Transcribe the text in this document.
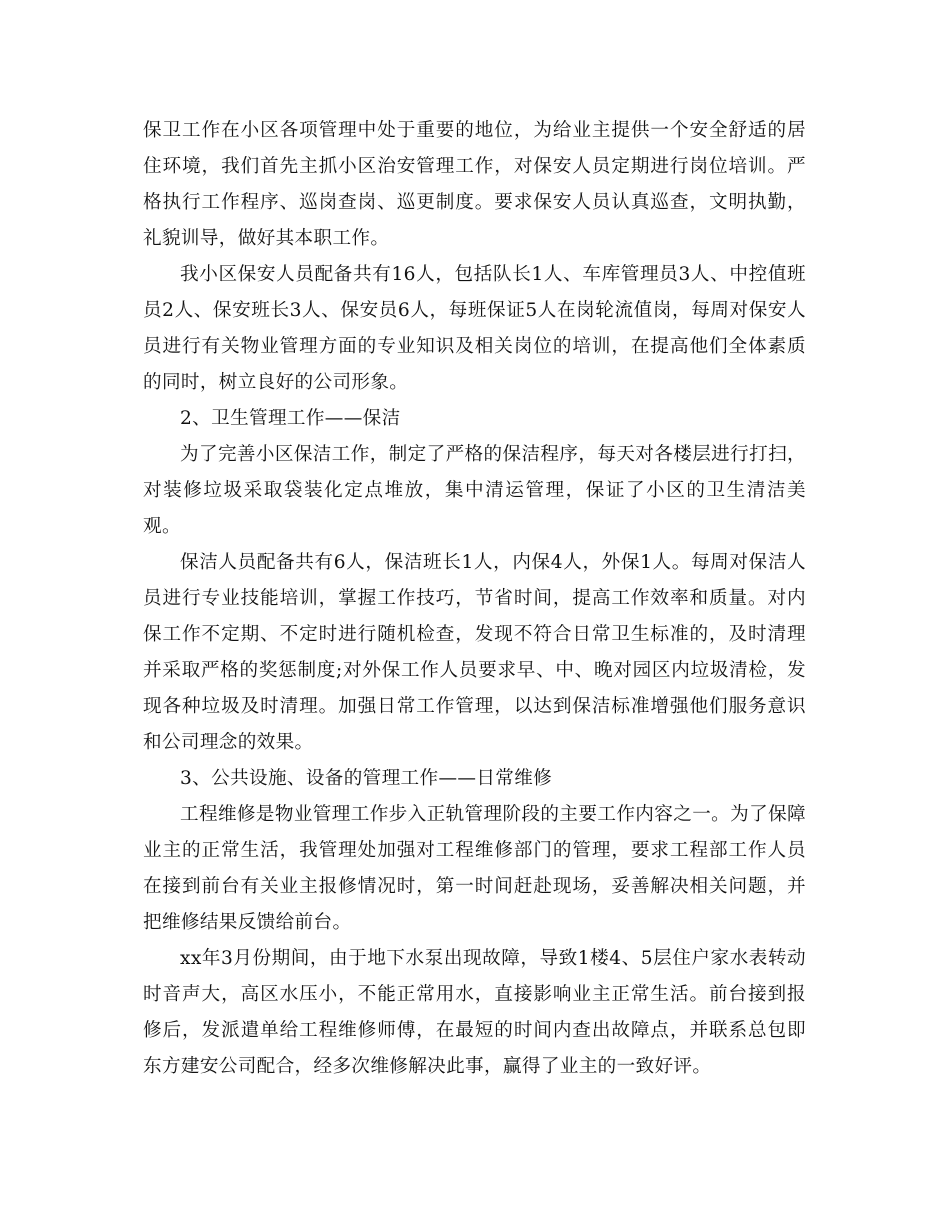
保卫工作在小区各项管理中处于重要的地位，为给业主提供一个安全舒适的居住环境，我们首先主抓小区治安管理工作，对保安人员定期进行岗位培训。严格执行工作程序、巡岗查岗、巡更制度。要求保安人员认真巡查，文明执勤，礼貌训导，做好其本职工作。

我小区保安人员配备共有16人，包括队长1人、车库管理员3人、中控值班员2人、保安班长3人、保安员6人，每班保证5人在岗轮流值岗，每周对保安人员进行有关物业管理方面的专业知识及相关岗位的培训，在提高他们全体素质的同时，树立良好的公司形象。

2、卫生管理工作——保洁

为了完善小区保洁工作，制定了严格的保洁程序，每天对各楼层进行打扫，对装修垃圾采取袋装化定点堆放，集中清运管理，保证了小区的卫生清洁美观。

保洁人员配备共有6人，保洁班长1人，内保4人，外保1人。每周对保洁人员进行专业技能培训，掌握工作技巧，节省时间，提高工作效率和质量。对内保工作不定期、不定时进行随机检查，发现不符合日常卫生标准的，及时清理并采取严格的奖惩制度;对外保工作人员要求早、中、晚对园区内垃圾清检，发现各种垃圾及时清理。加强日常工作管理，以达到保洁标准增强他们服务意识和公司理念的效果。

3、公共设施、设备的管理工作——日常维修

工程维修是物业管理工作步入正轨管理阶段的主要工作内容之一。为了保障业主的正常生活，我管理处加强对工程维修部门的管理，要求工程部工作人员在接到前台有关业主报修情况时，第一时间赶赴现场，妥善解决相关问题，并把维修结果反馈给前台。

xx年3月份期间，由于地下水泵出现故障，导致1楼4、5层住户家水表转动时音声大，高区水压小，不能正常用水，直接影响业主正常生活。前台接到报修后，发派遣单给工程维修师傅，在最短的时间内查出故障点，并联系总包即东方建安公司配合，经多次维修解决此事，赢得了业主的一致好评。
